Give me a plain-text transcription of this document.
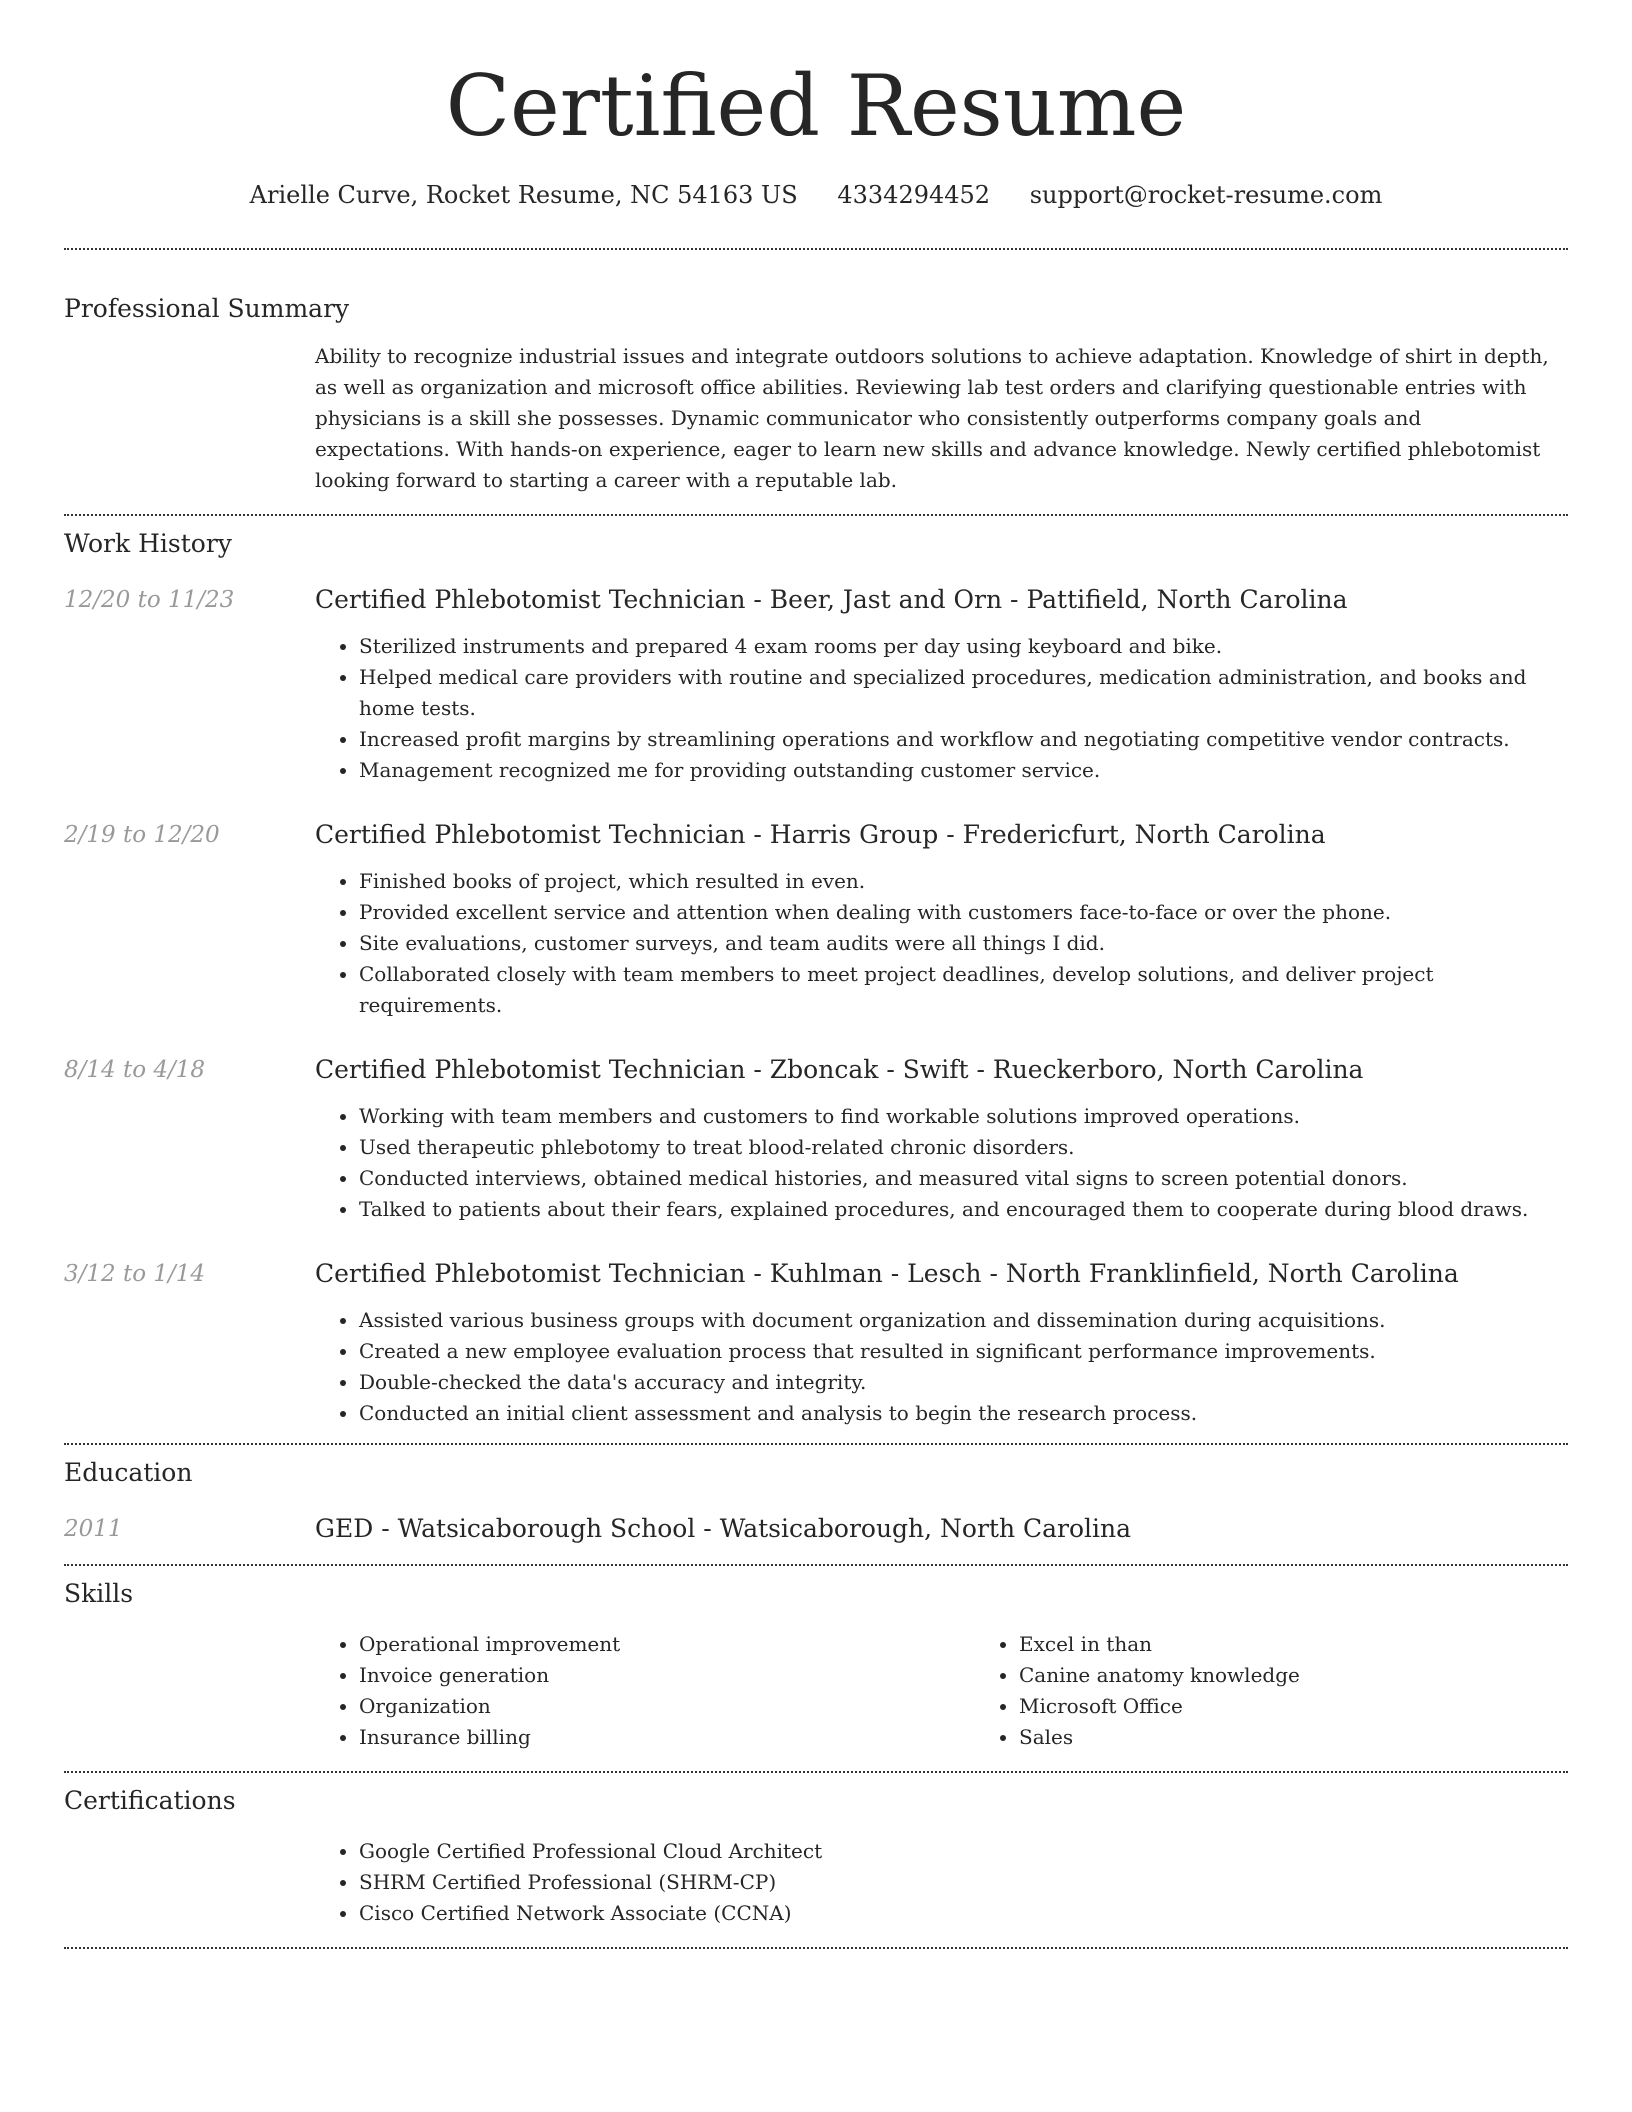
Certified Resume
Arielle Curve, Rocket Resume, NC 54163 US 4334294452 support@rocket-resume.com
Professional Summary

Ability to recognize industrial issues and integrate outdoors solutions to achieve adaptation. Knowledge of shirt in depth, as well as organization and microsoft office abilities. Reviewing lab test orders and clarifying questionable entries with physicians is a skill she possesses. Dynamic communicator who consistently outperforms company goals and expectations. With hands-on experience, eager to learn new skills and advance knowledge. Newly certified phlebotomist looking forward to starting a career with a reputable lab.

Work History
12/20 to 11/23	Certified Phlebotomist Technician - Beer, Jast and Orn - Pattifield, North Carolina
• Sterilized instruments and prepared 4 exam rooms per day using keyboard and bike.
• Helped medical care providers with routine and specialized procedures, medication administration, and books and home tests.
• Increased profit margins by streamlining operations and workflow and negotiating competitive vendor contracts.
• Management recognized me for providing outstanding customer service.
2/19 to 12/20	Certified Phlebotomist Technician - Harris Group - Fredericfurt, North Carolina
• Finished books of project, which resulted in even.
• Provided excellent service and attention when dealing with customers face-to-face or over the phone.
• Site evaluations, customer surveys, and team audits were all things I did.
• Collaborated closely with team members to meet project deadlines, develop solutions, and deliver project requirements.
8/14 to 4/18	Certified Phlebotomist Technician - Zboncak - Swift - Rueckerboro, North Carolina
• Working with team members and customers to find workable solutions improved operations.
• Used therapeutic phlebotomy to treat blood-related chronic disorders.
• Conducted interviews, obtained medical histories, and measured vital signs to screen potential donors.
• Talked to patients about their fears, explained procedures, and encouraged them to cooperate during blood draws.
3/12 to 1/14	Certified Phlebotomist Technician - Kuhlman - Lesch - North Franklinfield, North Carolina
• Assisted various business groups with document organization and dissemination during acquisitions.
• Created a new employee evaluation process that resulted in significant performance improvements.
• Double-checked the data's accuracy and integrity.
• Conducted an initial client assessment and analysis to begin the research process.
Education
2011	GED - Watsicaborough School - Watsicaborough, North Carolina
Skills
• Operational improvement
• Invoice generation
• Organization
• Insurance billing
• Excel in than
• Canine anatomy knowledge
• Microsoft Office
• Sales
Certifications
• Google Certified Professional Cloud Architect
• SHRM Certified Professional (SHRM-CP)
• Cisco Certified Network Associate (CCNA)
